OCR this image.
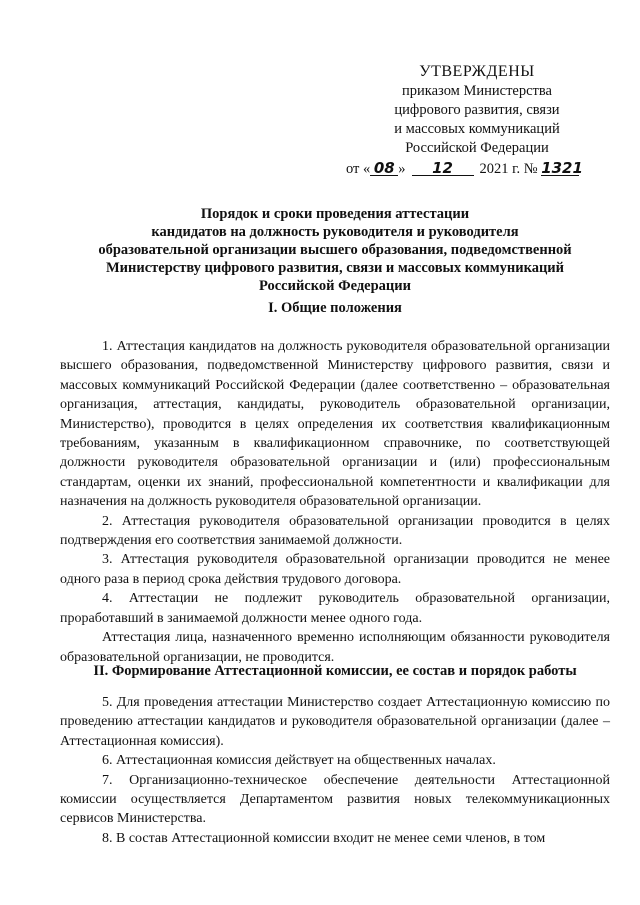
УТВЕРЖДЕНЫ
приказом Министерства
цифрового развития, связи
и массовых коммуникаций
Российской Федерации
от « 08 » 12 2021 г. № 1321
Порядок и сроки проведения аттестации
кандидатов на должность руководителя и руководителя
образовательной организации высшего образования, подведомственной
Министерству цифрового развития, связи и массовых коммуникаций
Российской Федерации
I. Общие положения

1. Аттестация кандидатов на должность руководителя образовательной организации высшего образования, подведомственной Министерству цифрового развития, связи и массовых коммуникаций Российской Федерации (далее соответственно – образовательная организация, аттестация, кандидаты, руководитель образовательной организации, Министерство), проводится в целях определения их соответствия квалификационным требованиям, указанным в квалификационном справочнике, по соответствующей должности руководителя образовательной организации и (или) профессиональным стандартам, оценки их знаний, профессиональной компетентности и квалификации для назначения на должность руководителя образовательной организации.

2. Аттестация руководителя образовательной организации проводится в целях подтверждения его соответствия занимаемой должности.

3. Аттестация руководителя образовательной организации проводится не менее одного раза в период срока действия трудового договора.

4. Аттестации не подлежит руководитель образовательной организации, проработавший в занимаемой должности менее одного года.

Аттестация лица, назначенного временно исполняющим обязанности руководителя образовательной организации, не проводится.

II. Формирование Аттестационной комиссии, ее состав и порядок работы

5. Для проведения аттестации Министерство создает Аттестационную комиссию по проведению аттестации кандидатов и руководителя образовательной организации (далее – Аттестационная комиссия).

6. Аттестационная комиссия действует на общественных началах.

7. Организационно-техническое обеспечение деятельности Аттестационной комиссии осуществляется Департаментом развития новых телекоммуникационных сервисов Министерства.

8. В состав Аттестационной комиссии входит не менее семи членов, в том
